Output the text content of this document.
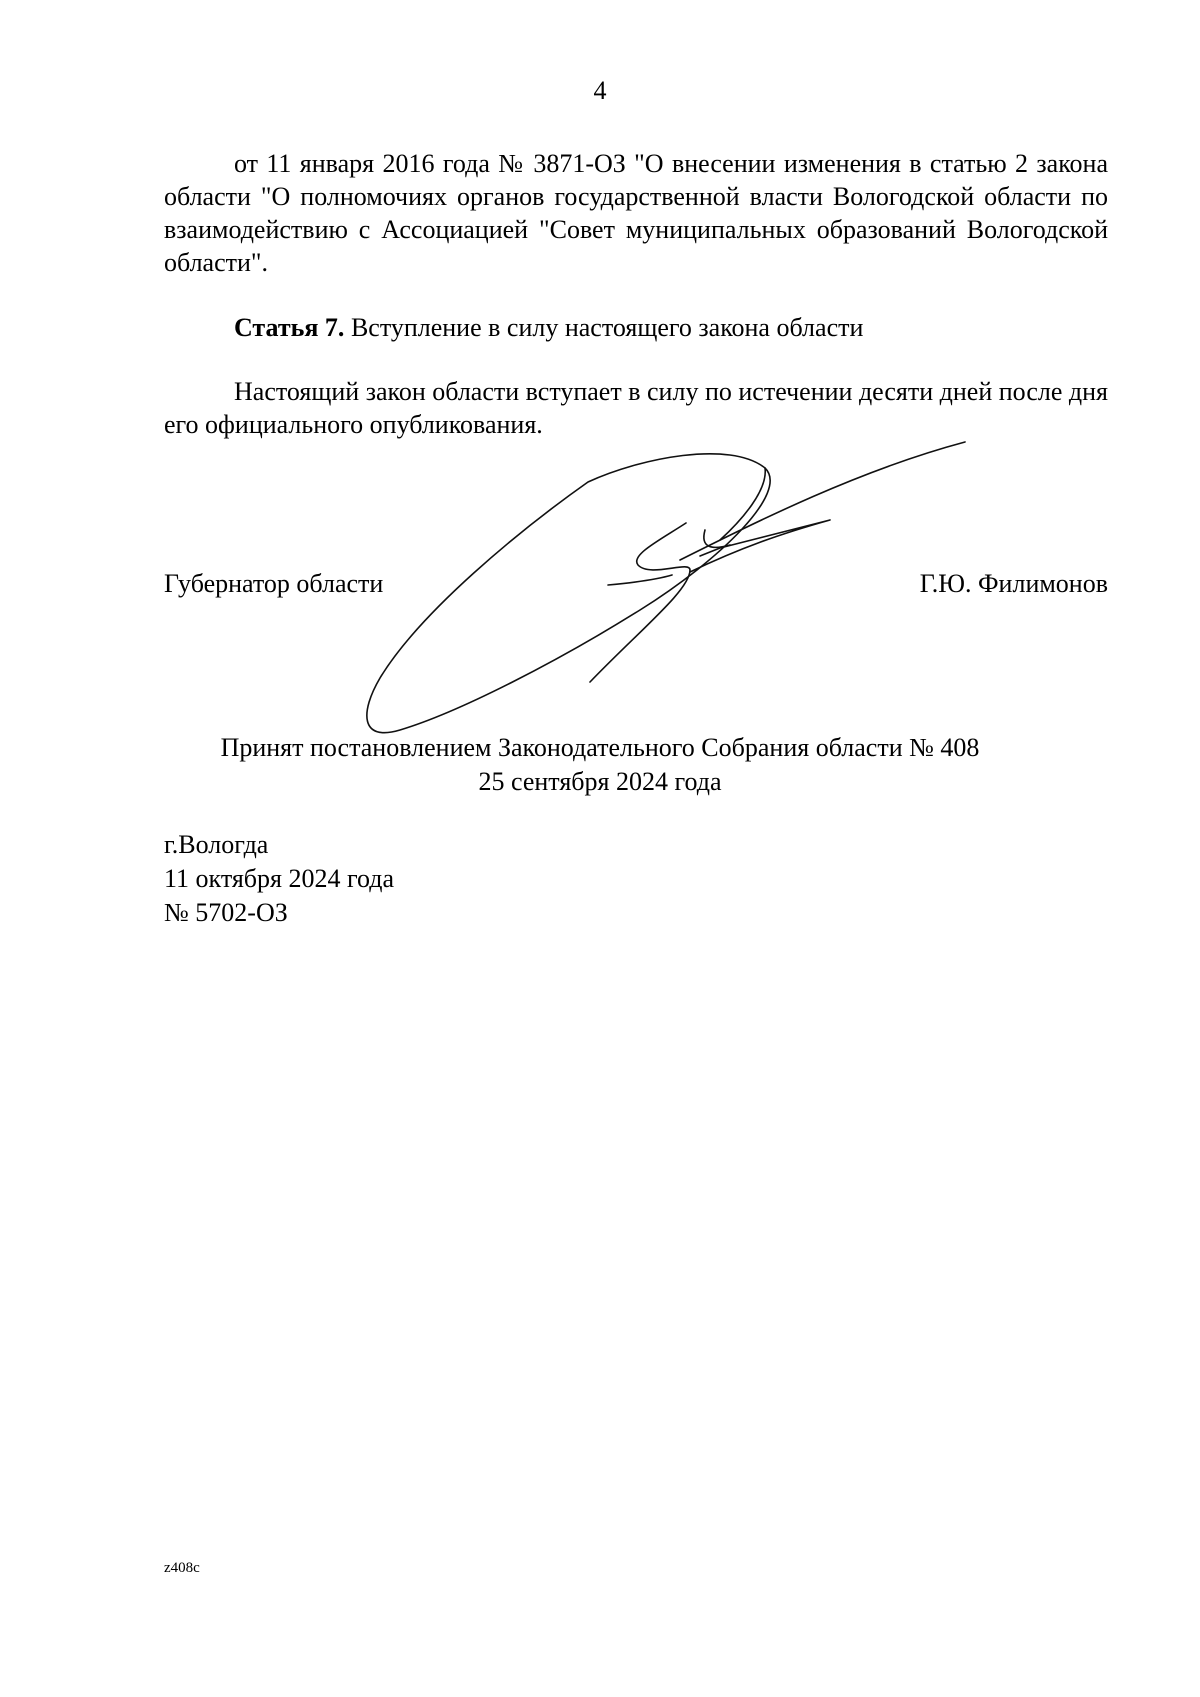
4
от 11 января 2016 года № 3871-ОЗ "О внесении изменения в статью 2 закона области "О полномочиях органов государственной власти Вологодской области по взаимодействию с Ассоциацией "Совет муниципальных образований Вологодской области".
Статья 7. Вступление в силу настоящего закона области
Настоящий закон области вступает в силу по истечении десяти дней после дня его официального опубликования.
Губернатор области	Г.Ю. Филимонов
Принят постановлением Законодательного Собрания области № 408
25 сентября 2024 года
г.Вологда
11 октября 2024 года
№ 5702-ОЗ
z408c
